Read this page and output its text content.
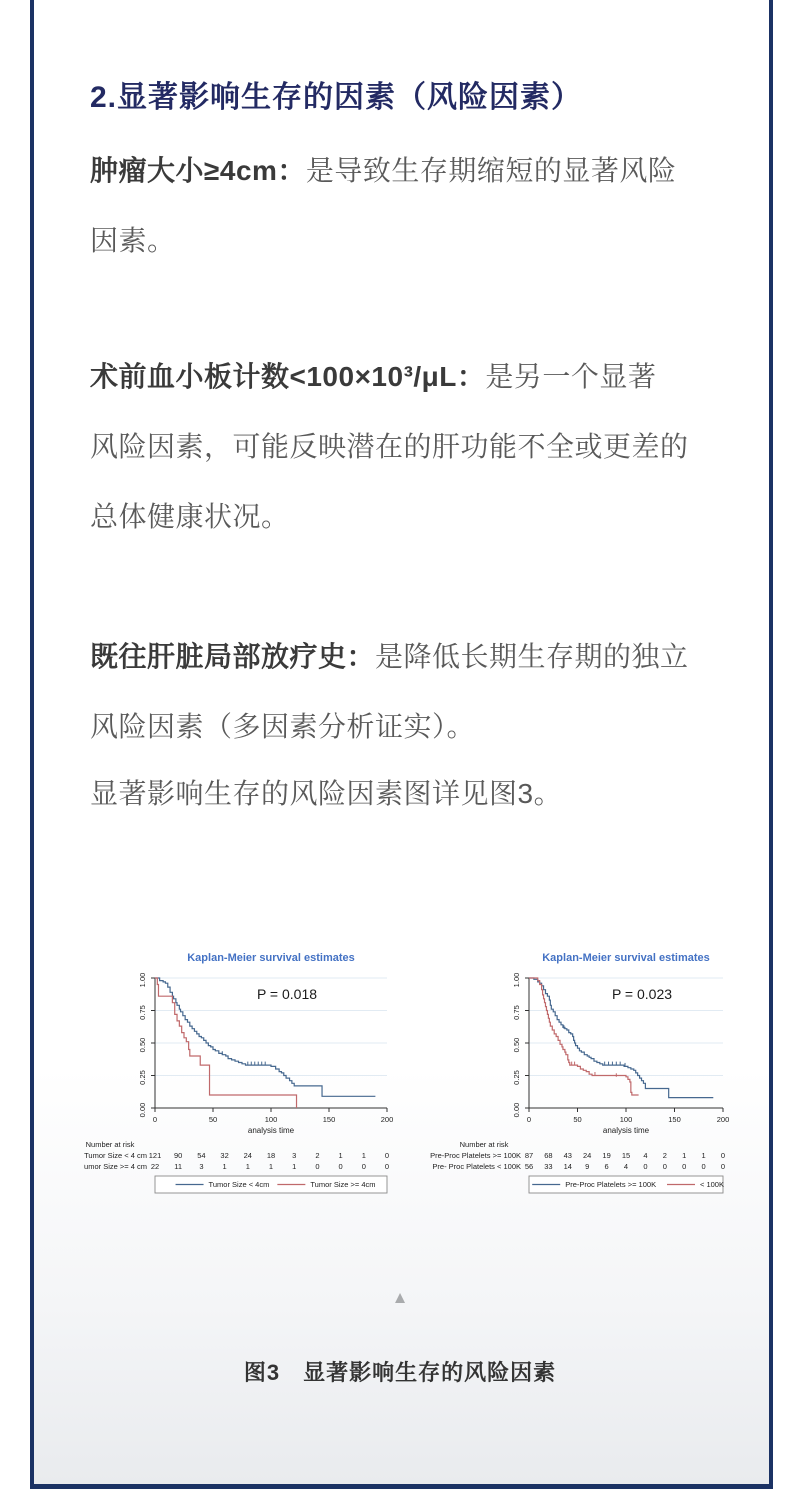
2.显著影响生存的因素（风险因素）
肿瘤大小≥4cm：是导致生存期缩短的显著风险
因素。
术前血小板计数<100×10³/μL：是另一个显著
风险因素，可能反映潜在的肝功能不全或更差的
总体健康状况。
既往肝脏局部放疗史：是降低长期生存期的独立
风险因素（多因素分析证实）。
显著影响生存的风险因素图详见图3。
0.00
0.25
0.50
0.75
1.00
0	50	100	150	200
analysis time
Kaplan-Meier survival estimates
P = 0.018
Number at risk
Tumor Size < 4 cm 121 90 54 32 24 18 3	2	1	1	0
Tumor Size >= 4 cm 22 11 3	1	1	1	1	0	0	0	0
Tumor Size < 4cm	Tumor Size >= 4cm
0.00
0.25
0.50
0.75
1.00
0	50	100	150	200
analysis time
Kaplan-Meier survival estimates
P = 0.023
Number at risk
Pre-Proc Platelets >= 100K 87 68 43 24 19 15 4 2 1 1 0
Pre- Proc Platelets < 100K 56 33 14 9 6 4 0 0 0 0 0
Pre-Proc Platelets >= 100K	< 100K
▲
图3　显著影响生存的风险因素
